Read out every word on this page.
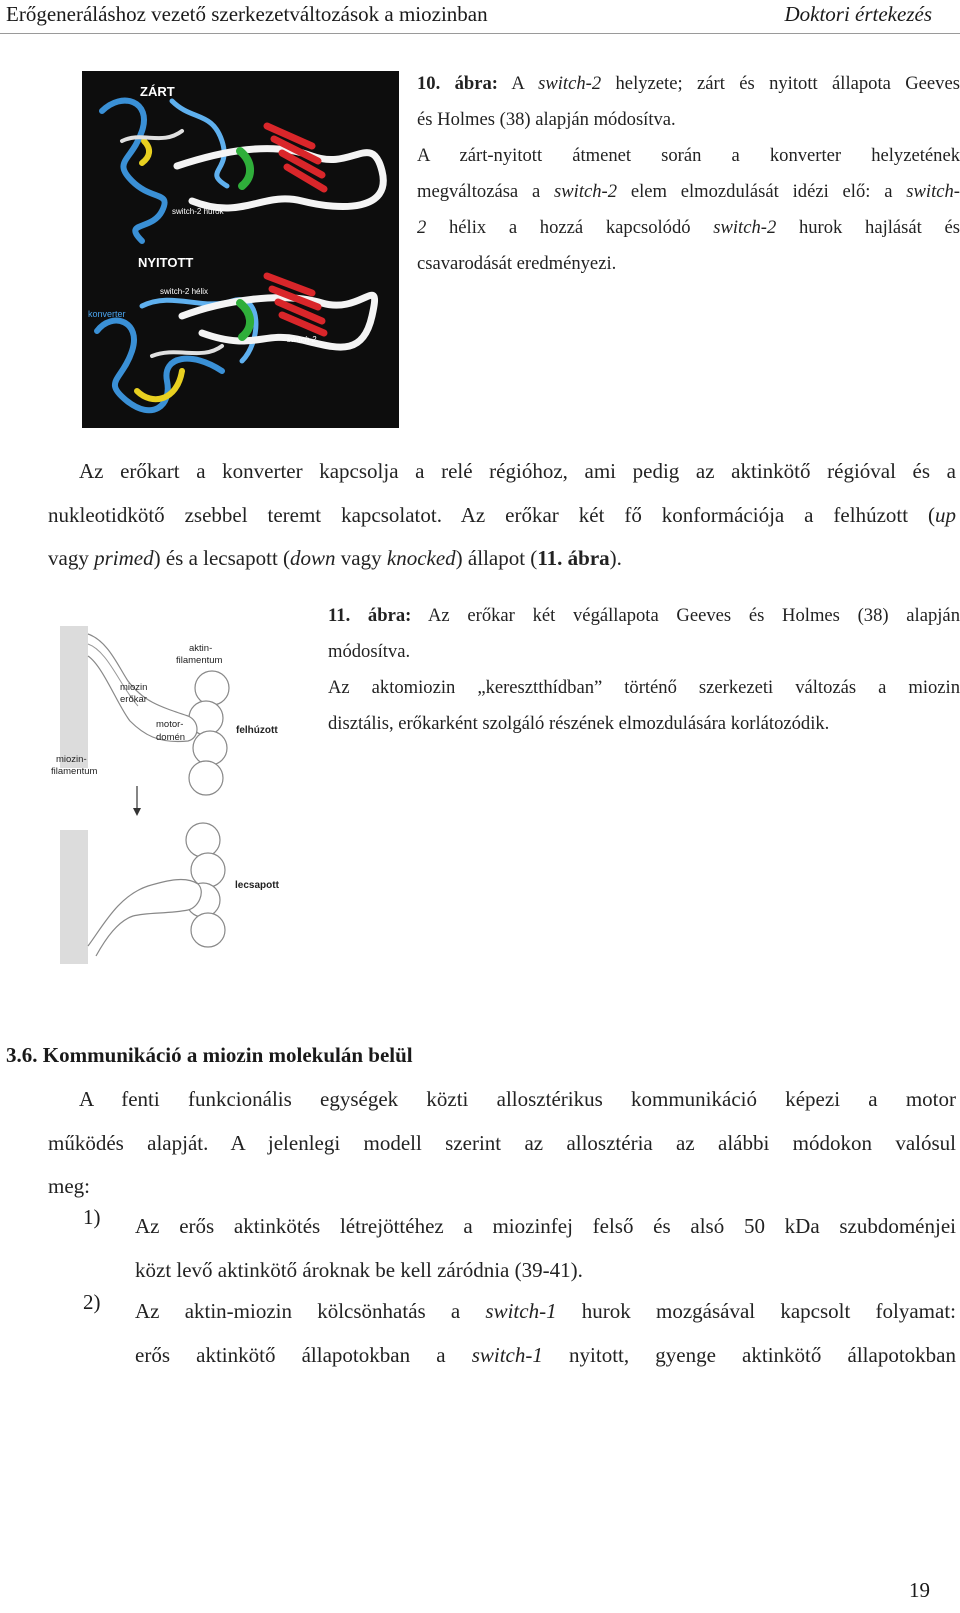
Erőgeneráláshoz vezető szerkezetváltozások a miozinban	Doktori értekezés
ZÁRT
switch-2 hurok
NYITOTT
switch-2 hélix
konverter
switch-2
10. ábra: A switch-2 helyzete; zárt és nyitott állapota Geeves
és Holmes (38) alapján módosítva.
A zárt-nyitott átmenet során a konverter helyzetének
megváltozása a switch-2 elem elmozdulását idézi elő: a switch-
2 hélix a hozzá kapcsolódó switch-2 hurok hajlását és
csavarodását eredményezi.
Az erőkart a konverter kapcsolja a relé régióhoz, ami pedig az aktinkötő régióval és a
nukleotidkötő zsebbel teremt kapcsolatot. Az erőkar két fő konformációja a felhúzott (up
vagy primed) és a lecsapott (down vagy knocked) állapot (11. ábra).
aktin-
filamentum
miozin
erőkar
motor-
domén
felhúzott
miozin-
filamentum
lecsapott
11. ábra: Az erőkar két végállapota Geeves és Holmes (38) alapján
módosítva.
Az aktomiozin „keresztthídban” történő szerkezeti változás a miozin
disztális, erőkarként szolgáló részének elmozdulására korlátozódik.
3.6. Kommunikáció a miozin molekulán belül
A fenti funkcionális egységek közti allosztérikus kommunikáció képezi a motor
működés alapját. A jelenlegi modell szerint az allosztéria az alábbi módokon valósul
meg:
1) Az erős aktinkötés létrejöttéhez a miozinfej felső és alsó 50 kDa szubdoménjei
közt levő aktinkötő ároknak be kell záródnia (39-41).
2) Az aktin-miozin kölcsönhatás a switch-1 hurok mozgásával kapcsolt folyamat:
erős aktinkötő állapotokban a switch-1 nyitott, gyenge aktinkötő állapotokban
19
